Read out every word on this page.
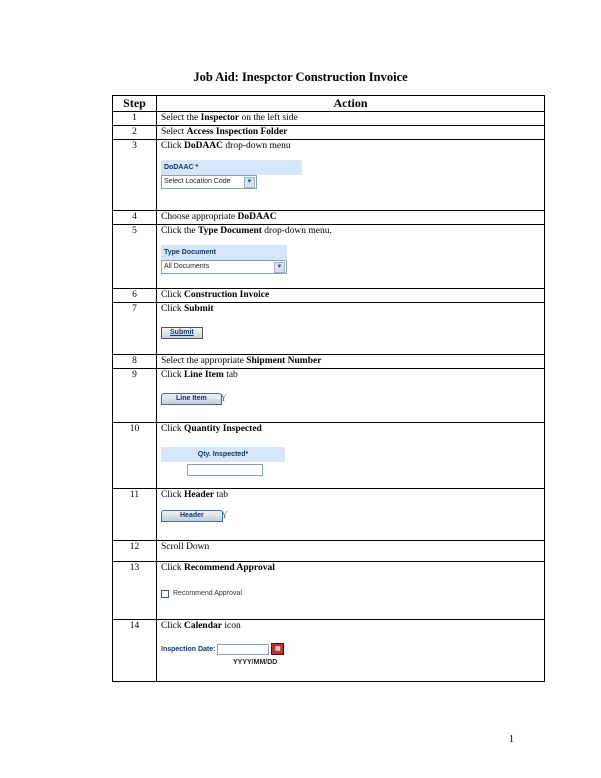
Job Aid: Inespctor Construction Invoice
Step	Action
1	Select the Inspector on the left side
2	Select Access Inspection Folder
3	Click DoDAAC drop-down menu
DoDAAC *
Select Location Code ▼

4	Choose appropriate DoDAAC
5	Click the Type Document drop-down menu.
Type Document
All Documents ▼

6	Click Construction Invoice
7	Click Submit
Submit

8	Select the appropriate Shipment Number
9	Click Line Item tab
Line Item Y

10	Click Quantity Inspected
Qty. Inspected*

11	Click Header tab
Header Y

12	Scroll Down
13	Click Recommend Approval
Recommend Approval

14	Click Calendar icon
Inspection Date: ▦
YYYY/MM/DD
1
